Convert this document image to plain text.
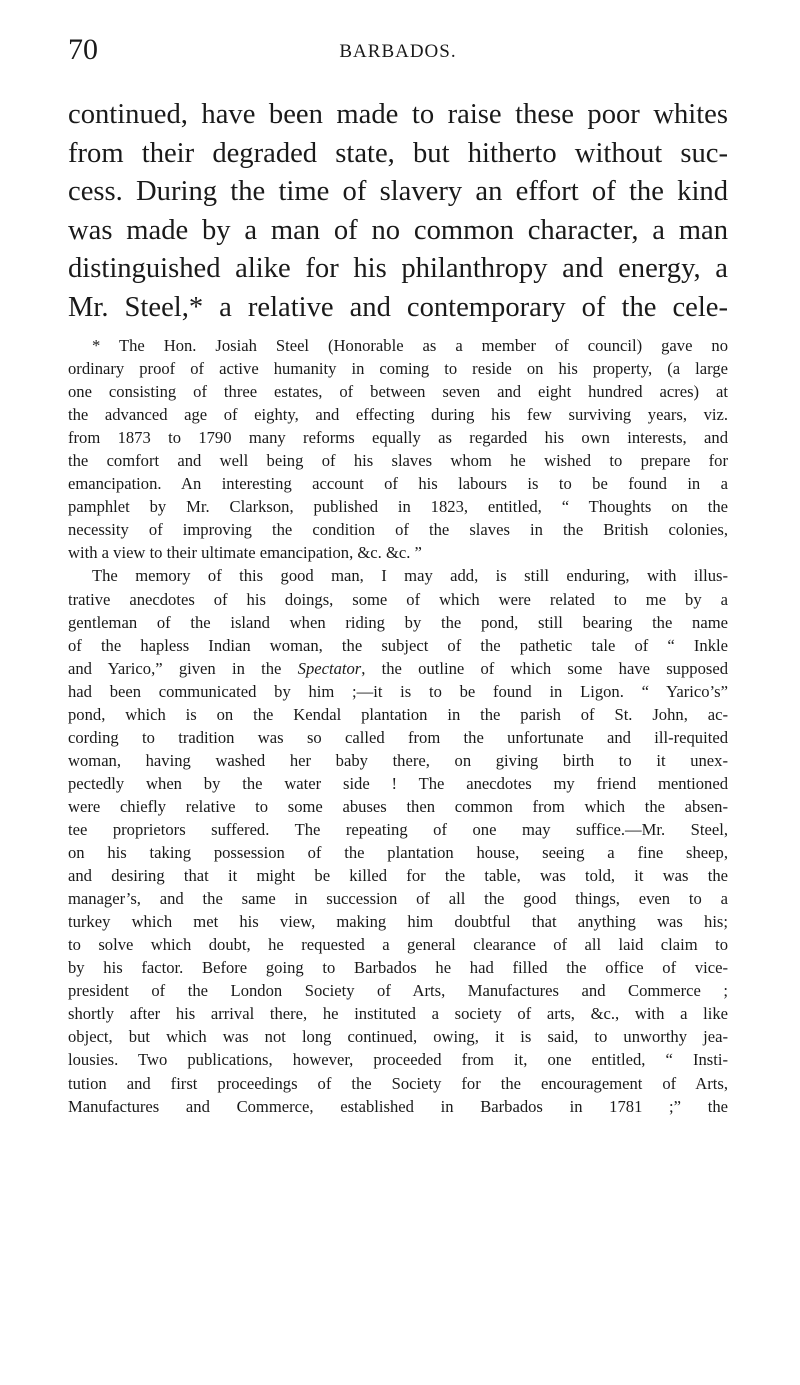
70	BARBADOS.
continued, have been made to raise these poor whites
from their degraded state, but hitherto without suc-
cess. During the time of slavery an effort of the kind
was made by a man of no common character, a man
distinguished alike for his philanthropy and energy, a
Mr. Steel,* a relative and contemporary of the cele-
* The Hon. Josiah Steel (Honorable as a member of council) gave no
ordinary proof of active humanity in coming to reside on his property, (a large
one consisting of three estates, of between seven and eight hundred acres) at
the advanced age of eighty, and effecting during his few surviving years, viz.
from 1873 to 1790 many reforms equally as regarded his own interests, and
the comfort and well being of his slaves whom he wished to prepare for
emancipation. An interesting account of his labours is to be found in a
pamphlet by Mr. Clarkson, published in 1823, entitled, “ Thoughts on the
necessity of improving the condition of the slaves in the British colonies,
with a view to their ultimate emancipation, &c. &c. ”
The memory of this good man, I may add, is still enduring, with illus-
trative anecdotes of his doings, some of which were related to me by a
gentleman of the island when riding by the pond, still bearing the name
of the hapless Indian woman, the subject of the pathetic tale of “ Inkle
and Yarico,” given in the Spectator, the outline of which some have supposed
had been communicated by him ;—it is to be found in Ligon. “ Yarico’s”
pond, which is on the Kendal plantation in the parish of St. John, ac-
cording to tradition was so called from the unfortunate and ill-requited
woman, having washed her baby there, on giving birth to it unex-
pectedly when by the water side ! The anecdotes my friend mentioned
were chiefly relative to some abuses then common from which the absen-
tee proprietors suffered. The repeating of one may suffice.—Mr. Steel,
on his taking possession of the plantation house, seeing a fine sheep,
and desiring that it might be killed for the table, was told, it was the
manager’s, and the same in succession of all the good things, even to a
turkey which met his view, making him doubtful that anything was his;
to solve which doubt, he requested a general clearance of all laid claim to
by his factor. Before going to Barbados he had filled the office of vice-
president of the London Society of Arts, Manufactures and Commerce ;
shortly after his arrival there, he instituted a society of arts, &c., with a like
object, but which was not long continued, owing, it is said, to unworthy jea-
lousies. Two publications, however, proceeded from it, one entitled, “ Insti-
tution and first proceedings of the Society for the encouragement of Arts,
Manufactures and Commerce, established in Barbados in 1781 ;” the
